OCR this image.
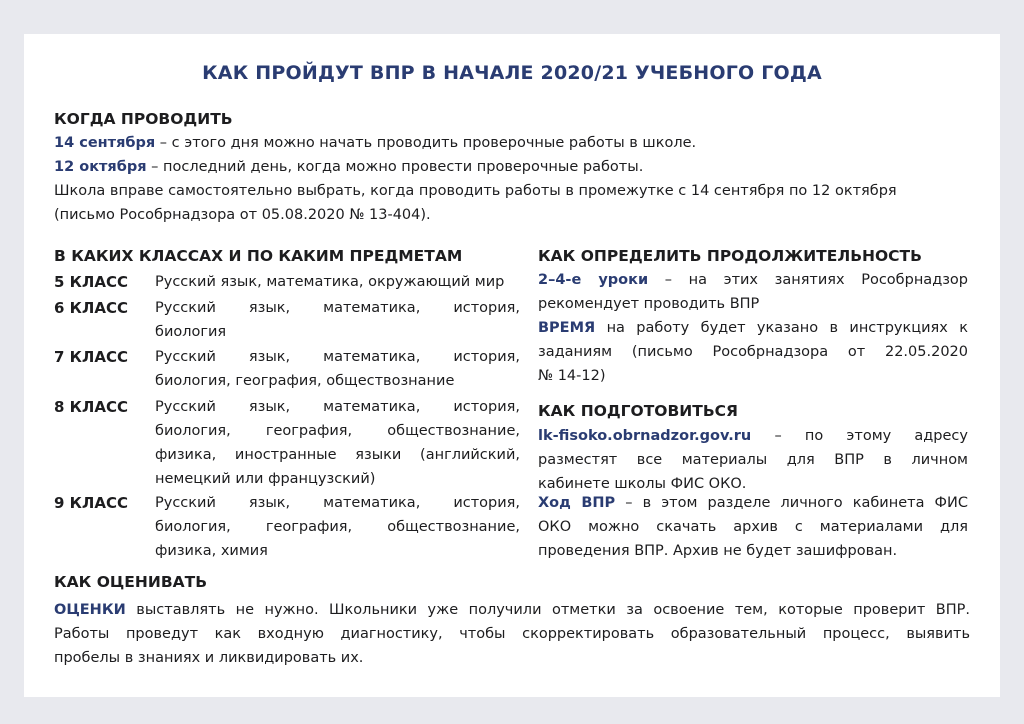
КАК ПРОЙДУТ ВПР В НАЧАЛЕ 2020/21 УЧЕБНОГО ГОДА
КОГДА ПРОВОДИТЬ
14 сентября – с этого дня можно начать проводить проверочные работы в школе.
12 октября – последний день, когда можно провести проверочные работы.
Школа вправе самостоятельно выбрать, когда проводить работы в промежутке с 14 сентября по 12 октября
(письмо Рособрнадзора от 05.08.2020 № 13-404).
В КАКИХ КЛАССАХ И ПО КАКИМ ПРЕДМЕТАМ
5 КЛАСС Русский язык, математика, окружающий мир
6 КЛАСС Русский язык, математика, история,
биология
7 КЛАСС Русский язык, математика, история,
биология, география, обществознание
8 КЛАСС Русский язык, математика, история,
биология, география, обществознание,
физика, иностранные языки (английский,
немецкий или французский)
9 КЛАСС Русский язык, математика, история,
биология, география, обществознание,
физика, химия
КАК ОПРЕДЕЛИТЬ ПРОДОЛЖИТЕЛЬНОСТЬ
2–4-е уроки – на этих занятиях Рособрнадзор
рекомендует проводить ВПР
ВРЕМЯ на работу будет указано в инструкциях к
заданиям (письмо Рособрнадзора от 22.05.2020
№ 14-12)
КАК ПОДГОТОВИТЬСЯ
lk-fisoko.obrnadzor.gov.ru – по этому адресу
разместят все материалы для ВПР в личном
кабинете школы ФИС ОКО.
Ход ВПР – в этом разделе личного кабинета ФИС
ОКО можно скачать архив с материалами для
проведения ВПР. Архив не будет зашифрован.
КАК ОЦЕНИВАТЬ
ОЦЕНКИ выставлять не нужно. Школьники уже получили отметки за освоение тем, которые проверит ВПР.
Работы проведут как входную диагностику, чтобы скорректировать образовательный процесс, выявить
пробелы в знаниях и ликвидировать их.
